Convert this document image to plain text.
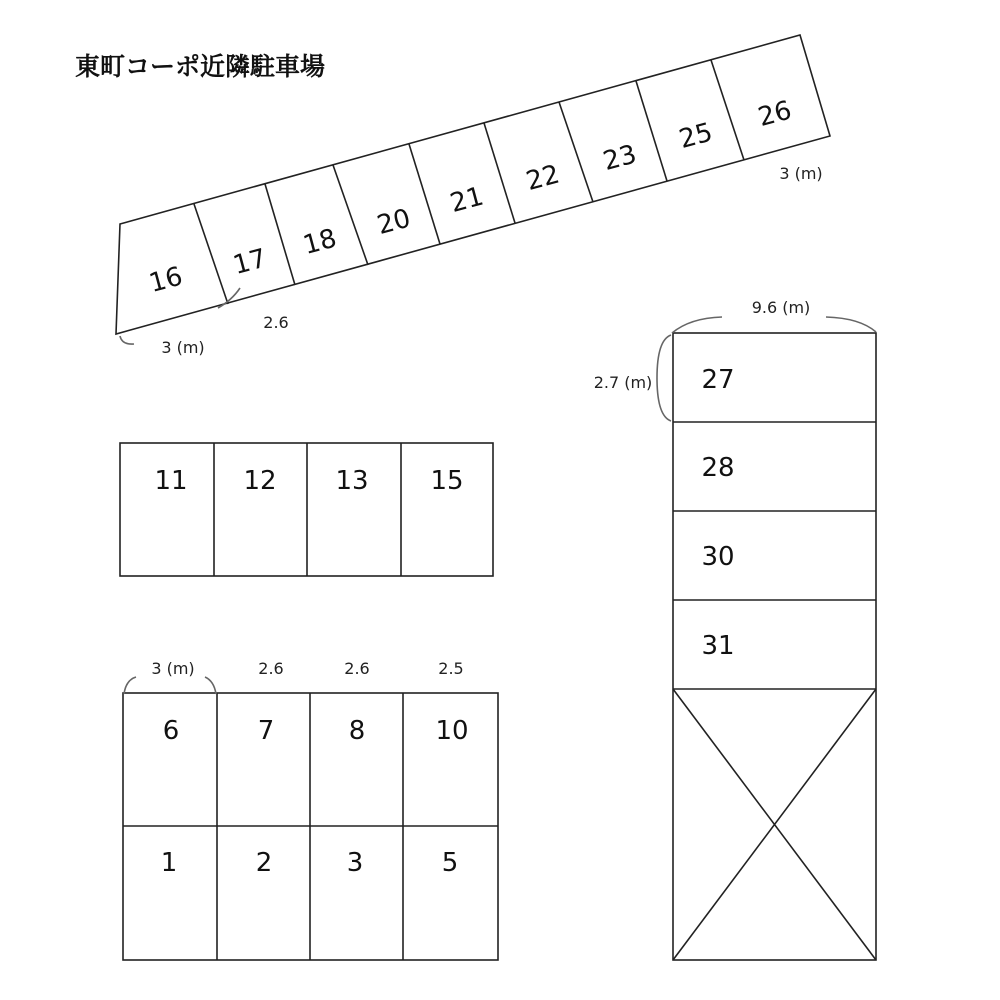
東町コーポ近隣駐車場
16 17
18
20
21
22
23
25
26
3 (m)
2.6
3 (m)
11 12 13 15
3 (m)	2.6	2.6	2.5
6	7	8	10
1	2	3	5
9.6 (m)
2.7 (m) 27
28
30
31
